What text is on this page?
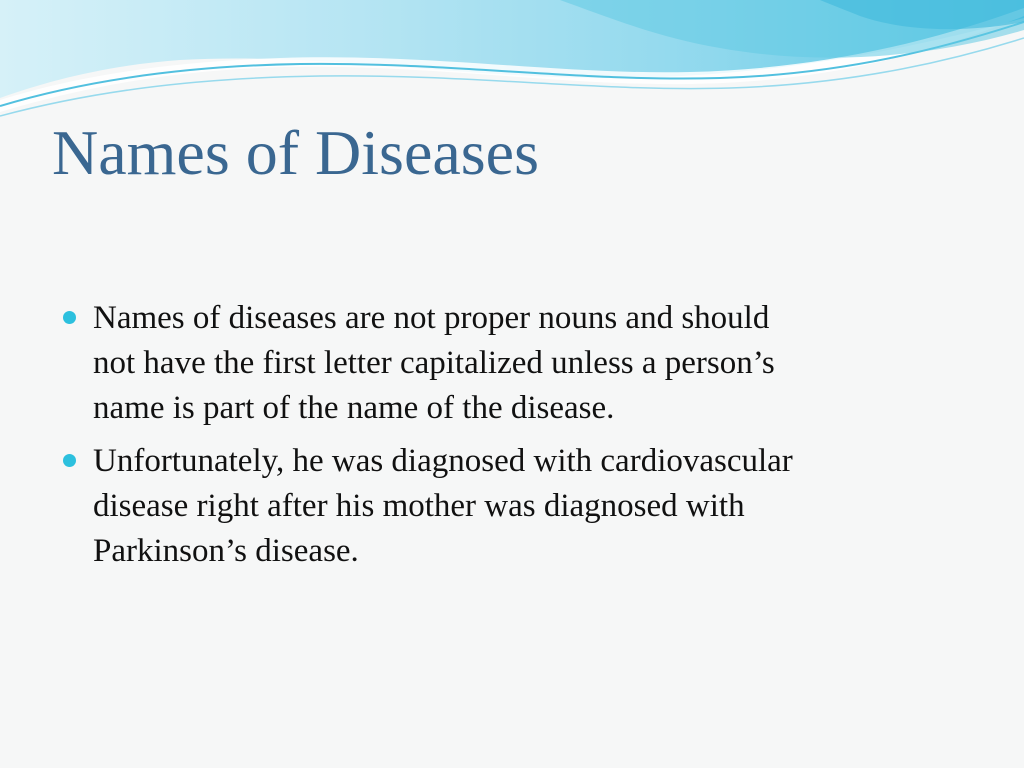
Names of Diseases
Names of diseases are not proper nouns and should
not have the first letter capitalized unless a person’s
name is part of the name of the disease.
Unfortunately, he was diagnosed with cardiovascular
disease right after his mother was diagnosed with
Parkinson’s disease.
